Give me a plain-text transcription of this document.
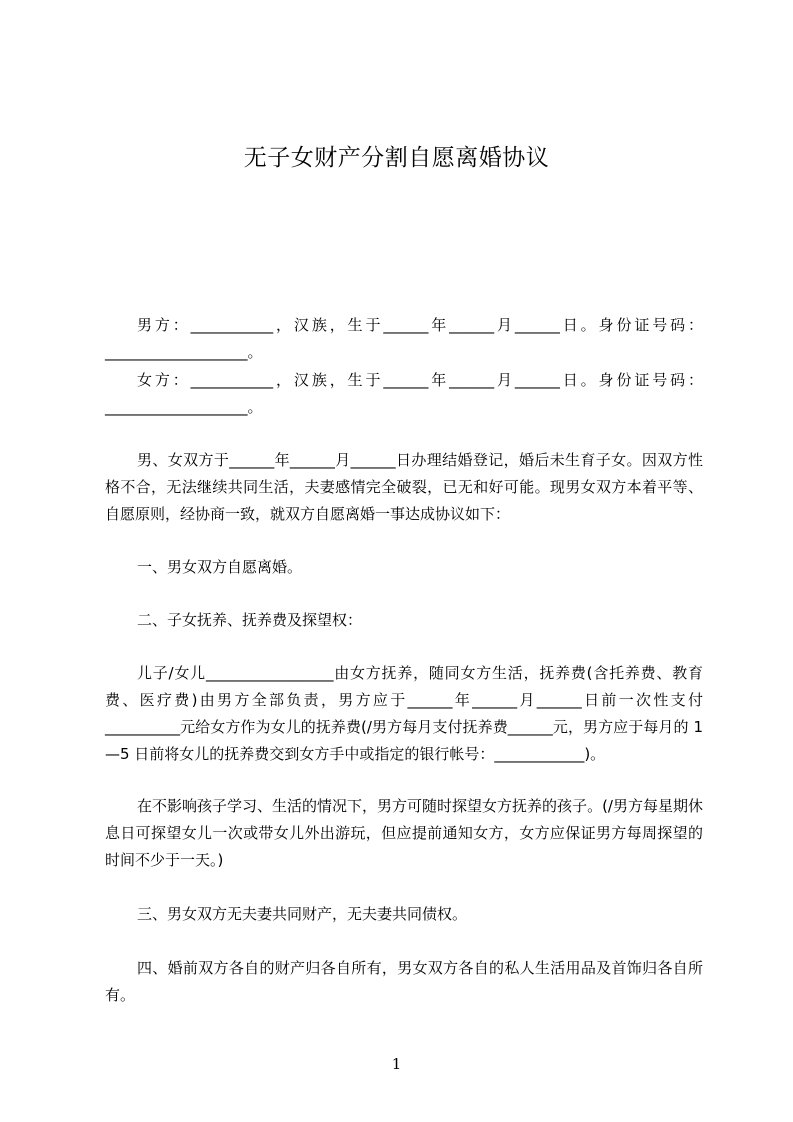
无子女财产分割自愿离婚协议

男方：___________，汉族，生于______年______月______日。身份证号码：___________________。

女方：___________，汉族，生于______年______月______日。身份证号码：___________________。

男、女双方于______年______月______日办理结婚登记，婚后未生育子女。因双方性格不合，无法继续共同生活，夫妻感情完全破裂，已无和好可能。现男女双方本着平等、自愿原则，经协商一致，就双方自愿离婚一事达成协议如下：

一、男女双方自愿离婚。

二、子女抚养、抚养费及探望权：

儿子/女儿_________________由女方抚养，随同女方生活，抚养费(含托养费、教育费、医疗费)由男方全部负责，男方应于______年______月______日前一次性支付__________元给女方作为女儿的抚养费(/男方每月支付抚养费______元，男方应于每月的 1—5 日前将女儿的抚养费交到女方手中或指定的银行帐号：____________)。

在不影响孩子学习、生活的情况下，男方可随时探望女方抚养的孩子。(/男方每星期休息日可探望女儿一次或带女儿外出游玩，但应提前通知女方，女方应保证男方每周探望的时间不少于一天。)

三、男女双方无夫妻共同财产，无夫妻共同债权。

四、婚前双方各自的财产归各自所有，男女双方各自的私人生活用品及首饰归各自所有。

1
